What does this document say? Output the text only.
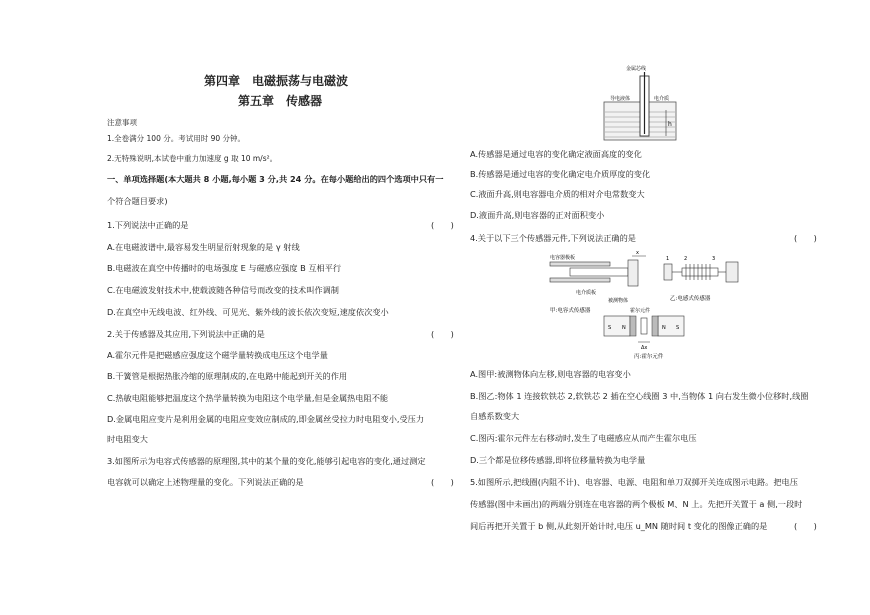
第四章　电磁振荡与电磁波
第五章　传感器
注意事项
1.全卷满分 100 分。考试用时 90 分钟。
2.无特殊说明,本试卷中重力加速度 g 取 10 m/s²。
一、单项选择题(本大题共 8 小题,每小题 3 分,共 24 分。在每小题给出的四个选项中只有一
个符合题目要求)
1.下列说法中正确的是	(　　)
A.在电磁波谱中,最容易发生明显衍射现象的是 γ 射线
B.电磁波在真空中传播时的电场强度 E 与磁感应强度 B 互相平行
C.在电磁波发射技术中,使载波随各种信号而改变的技术叫作调制
D.在真空中无线电波、红外线、可见光、紫外线的波长依次变短,速度依次变小
2.关于传感器及其应用,下列说法中正确的是	(　　)
A.霍尔元件是把磁感应强度这个磁学量转换成电压这个电学量
B.干簧管是根据热胀冷缩的原理制成的,在电路中能起到开关的作用
C.热敏电阻能够把温度这个热学量转换为电阻这个电学量,但是金属热电阻不能
D.金属电阻应变片是利用金属的电阻应变效应制成的,即金属丝受拉力时电阻变小,受压力
时电阻变大
3.如图所示为电容式传感器的原理图,其中的某个量的变化,能够引起电容的变化,通过测定
电容就可以确定上述物理量的变化。下列说法正确的是	(　　)
h
金属芯线
导电液体	电介质
A.传感器是通过电容的变化确定液面高度的变化
B.传感器是通过电容的变化确定电介质厚度的变化
C.液面升高,则电容器电介质的相对介电常数变大
D.液面升高,则电容器的正对面积变小
4.关于以下三个传感器元件,下列说法正确的是	(　　)
电容器极板
电介质板
被测物体
x
甲:电容式传感器
1	2	3
乙:电感式传感器
霍尔元件
S N	N S
Δx
丙:霍尔元件
A.图甲:被测物体向左移,则电容器的电容变小
B.图乙:物体 1 连接软铁芯 2,软铁芯 2 插在空心线圈 3 中,当物体 1 向右发生微小位移时,线圈
自感系数变大
C.图丙:霍尔元件左右移动时,发生了电磁感应从而产生霍尔电压
D.三个都是位移传感器,即将位移量转换为电学量
5.如图所示,把线圈(内阻不计)、电容器、电源、电阻和单刀双掷开关连成图示电路。把电压
传感器(图中未画出)的两端分别连在电容器的两个极板 M、N 上。先把开关置于 a 侧,一段时
间后再把开关置于 b 侧,从此刻开始计时,电压 u_MN 随时间 t 变化的图像正确的是	(　　)
